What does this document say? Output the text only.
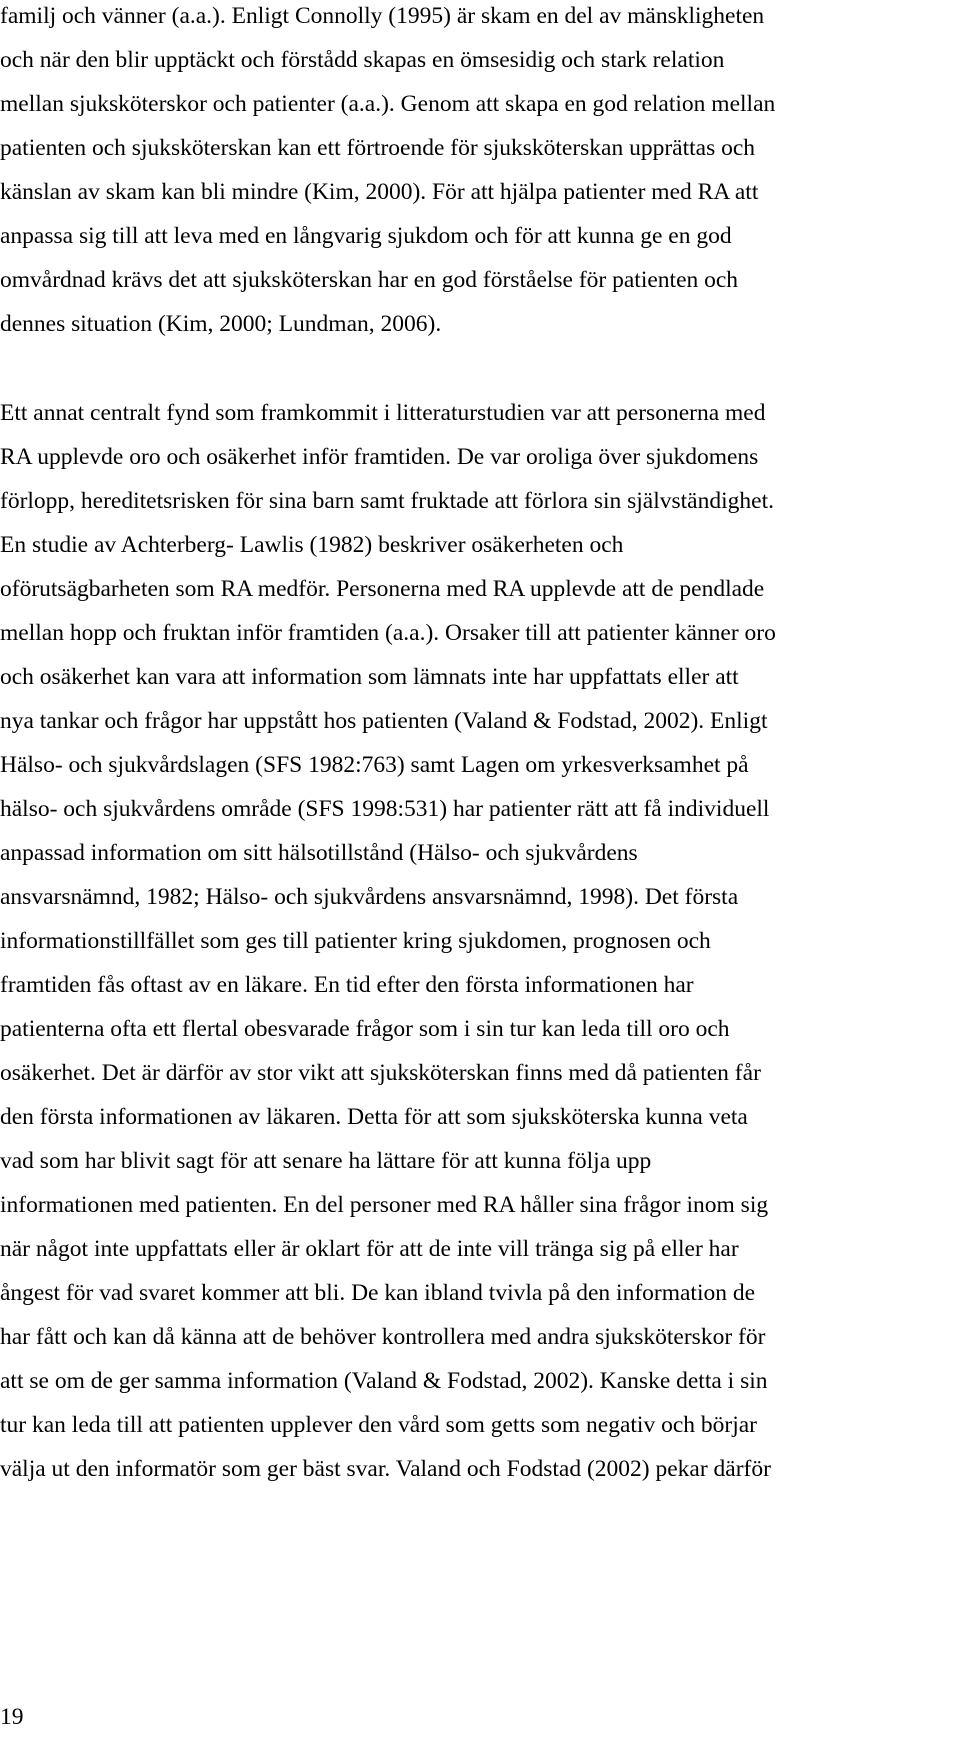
familj och vänner (a.a.). Enligt Connolly (1995) är skam en del av mänskligheten
och när den blir upptäckt och förstådd skapas en ömsesidig och stark relation
mellan sjuksköterskor och patienter (a.a.). Genom att skapa en god relation mellan
patienten och sjuksköterskan kan ett förtroende för sjuksköterskan upprättas och
känslan av skam kan bli mindre (Kim, 2000). För att hjälpa patienter med RA att
anpassa sig till att leva med en långvarig sjukdom och för att kunna ge en god
omvårdnad krävs det att sjuksköterskan har en god förståelse för patienten och
dennes situation (Kim, 2000; Lundman, 2006).
Ett annat centralt fynd som framkommit i litteraturstudien var att personerna med
RA upplevde oro och osäkerhet inför framtiden. De var oroliga över sjukdomens
förlopp, hereditetsrisken för sina barn samt fruktade att förlora sin självständighet.
En studie av Achterberg- Lawlis (1982) beskriver osäkerheten och
oförutsägbarheten som RA medför. Personerna med RA upplevde att de pendlade
mellan hopp och fruktan inför framtiden (a.a.). Orsaker till att patienter känner oro
och osäkerhet kan vara att information som lämnats inte har uppfattats eller att
nya tankar och frågor har uppstått hos patienten (Valand & Fodstad, 2002). Enligt
Hälso- och sjukvårdslagen (SFS 1982:763) samt Lagen om yrkesverksamhet på
hälso- och sjukvårdens område (SFS 1998:531) har patienter rätt att få individuell
anpassad information om sitt hälsotillstånd (Hälso- och sjukvårdens
ansvarsnämnd, 1982; Hälso- och sjukvårdens ansvarsnämnd, 1998). Det första
informationstillfället som ges till patienter kring sjukdomen, prognosen och
framtiden fås oftast av en läkare. En tid efter den första informationen har
patienterna ofta ett flertal obesvarade frågor som i sin tur kan leda till oro och
osäkerhet. Det är därför av stor vikt att sjuksköterskan finns med då patienten får
den första informationen av läkaren. Detta för att som sjuksköterska kunna veta
vad som har blivit sagt för att senare ha lättare för att kunna följa upp
informationen med patienten. En del personer med RA håller sina frågor inom sig
när något inte uppfattats eller är oklart för att de inte vill tränga sig på eller har
ångest för vad svaret kommer att bli. De kan ibland tvivla på den information de
har fått och kan då känna att de behöver kontrollera med andra sjuksköterskor för
att se om de ger samma information (Valand & Fodstad, 2002). Kanske detta i sin
tur kan leda till att patienten upplever den vård som getts som negativ och börjar
välja ut den informatör som ger bäst svar. Valand och Fodstad (2002) pekar därför
19
